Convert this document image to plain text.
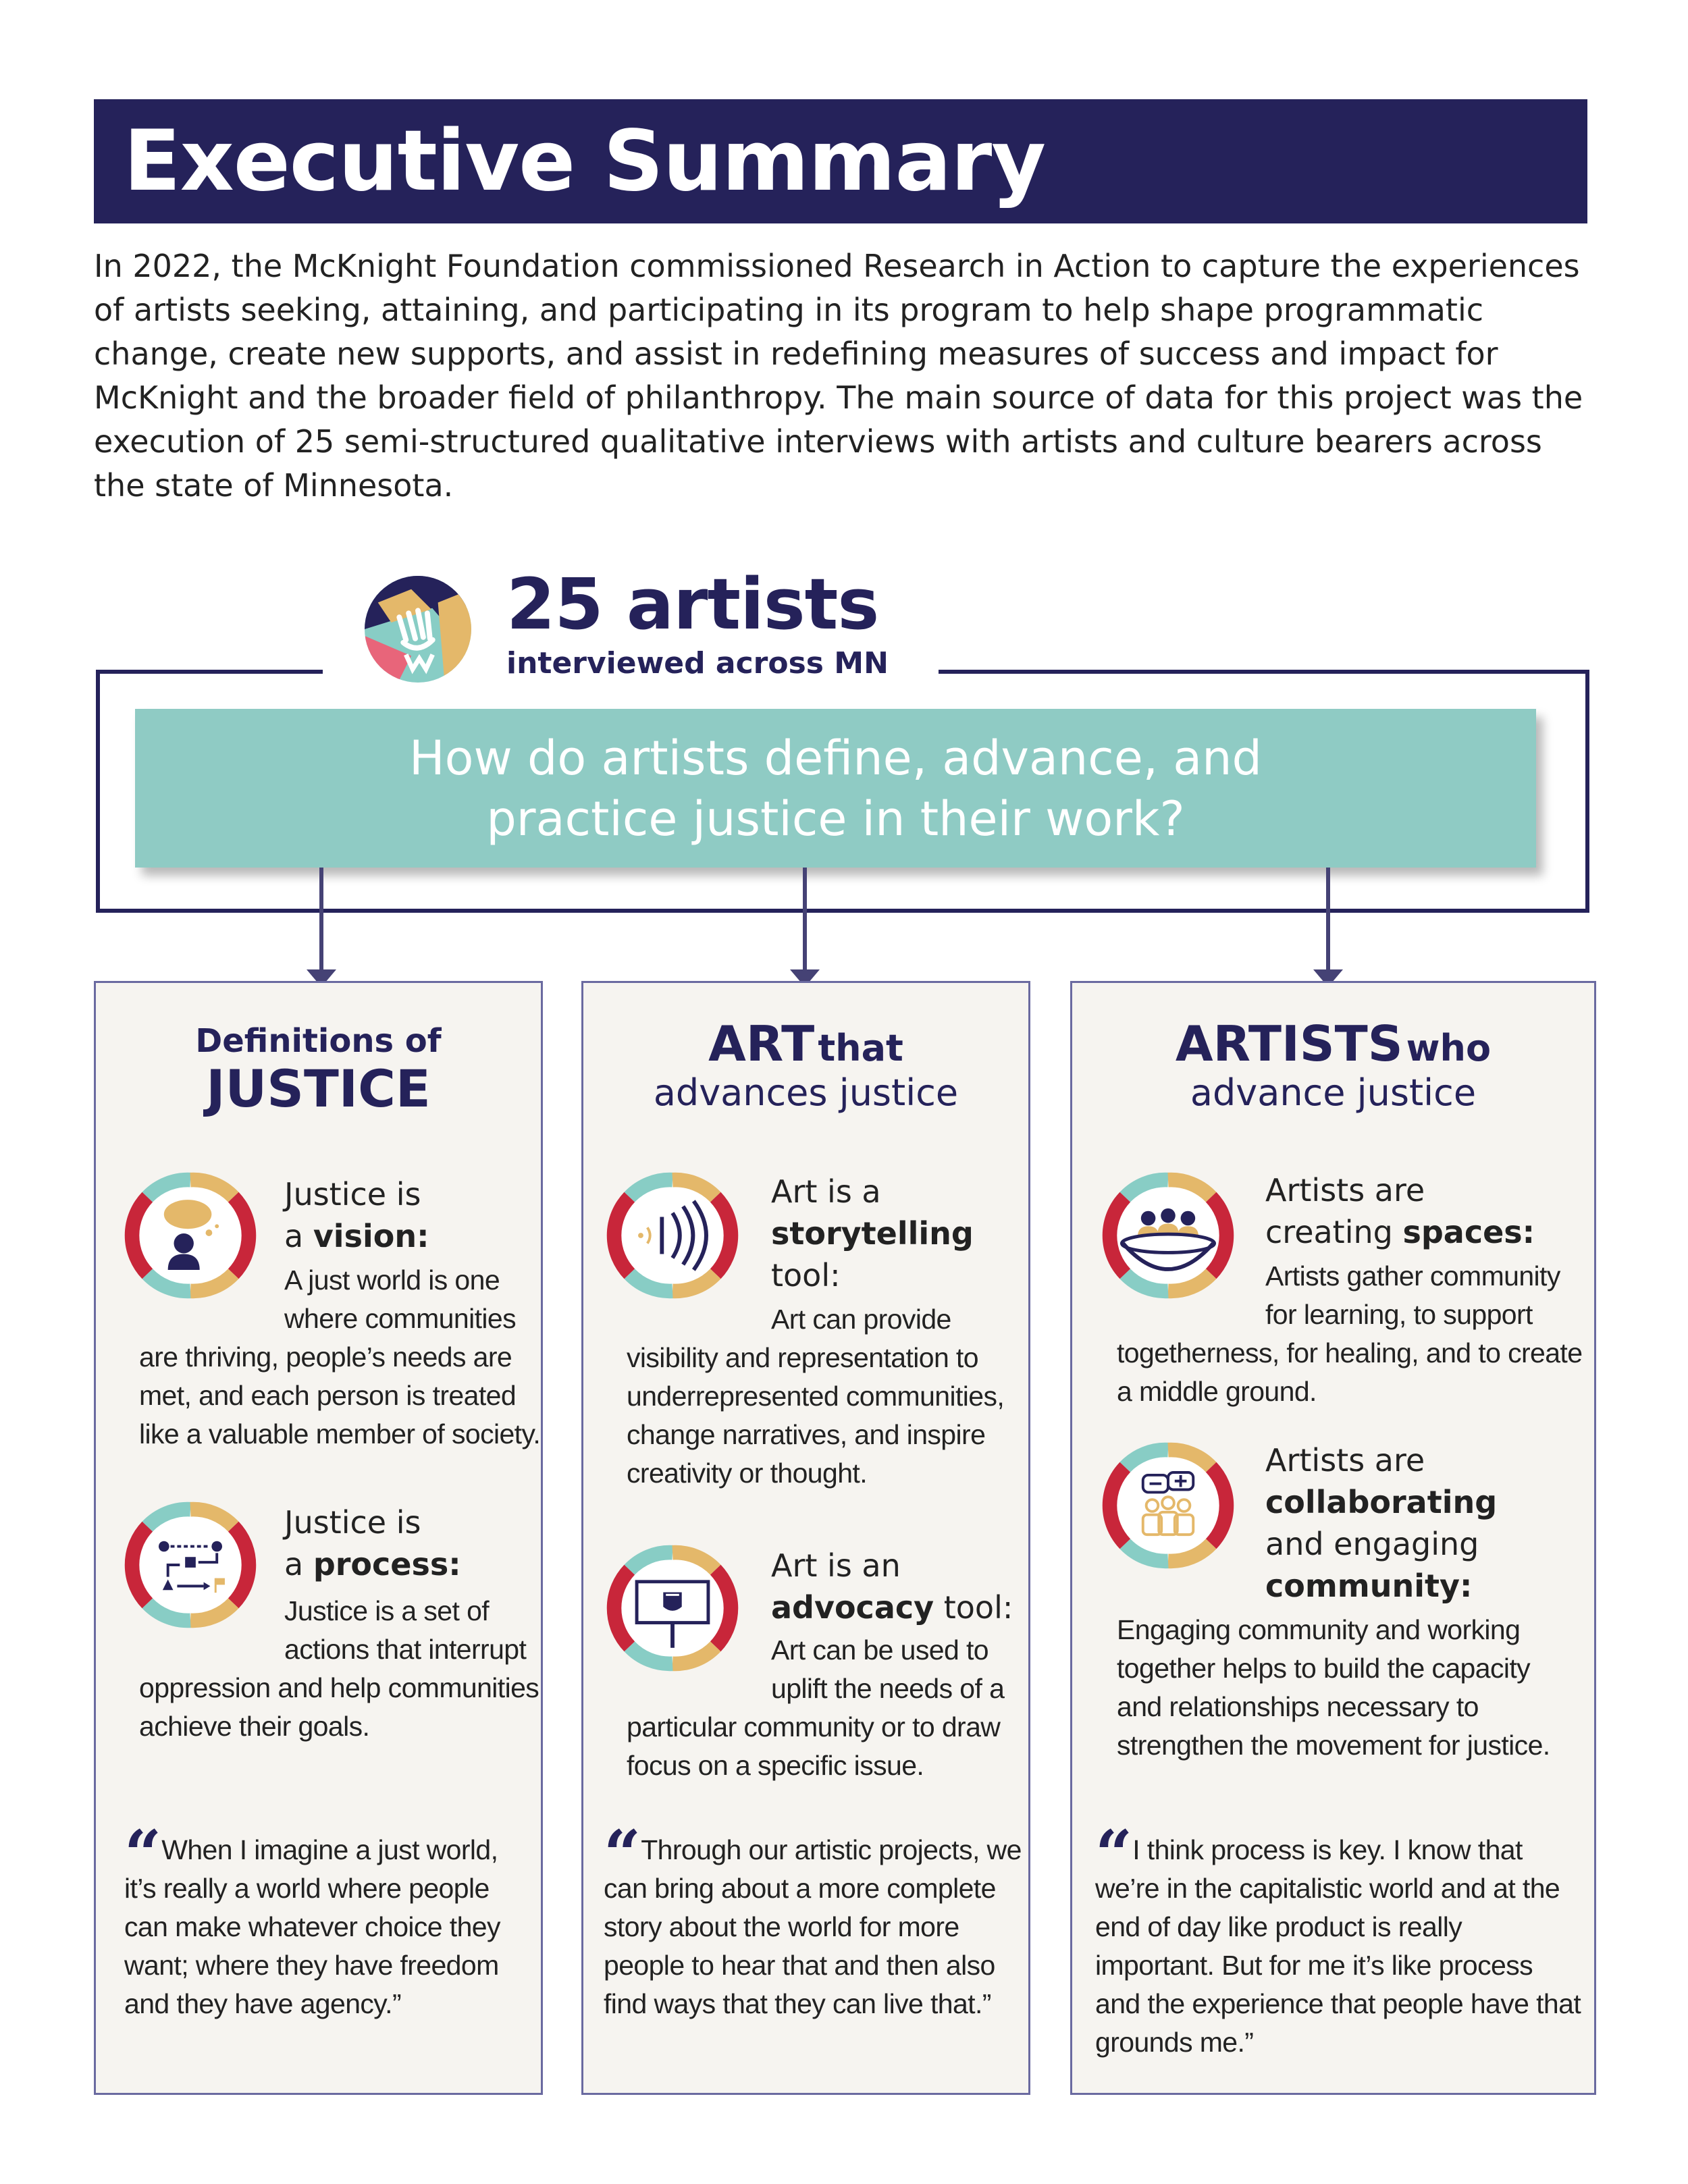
Executive Summary

In 2022, the McKnight Foundation commissioned Research in Action to capture the experiences of artists seeking, attaining, and participating in its program to help shape programmatic change, create new supports, and assist in redefining measures of success and impact for McKnight and the broader field of philanthropy. The main source of data for this project was the execution of 25 semi-structured qualitative interviews with artists and culture bearers across the state of Minnesota.

25 artists
interviewed across MN
How do artists define, advance, and practice justice in their work?
Definitions of
JUSTICE
Justice is
a vision:
A just world is one
where communities
are thriving, people’s needs are
met, and each person is treated
like a valuable member of society.
Justice is
a process:
Justice is a set of
actions that interrupt
oppression and help communities
achieve their goals.
“ When I imagine a just world, it’s really a world where people can make whatever choice they want; where they have freedom and they have agency.”
ART that
advances justice
Art is a
storytelling
tool:
Art can provide
visibility and representation to
underrepresented communities,
change narratives, and inspire
creativity or thought.
Art is an
advocacy tool:
Art can be used to
uplift the needs of a
particular community or to draw
focus on a specific issue.
“ Through our artistic projects, we can bring about a more complete story about the world for more people to hear that and then also find ways that they can live that.”
ARTISTS who
advance justice
Artists are
creating spaces:
Artists gather community
for learning, to support
togetherness, for healing, and to create
a middle ground.
Artists are
collaborating
and engaging
community:
Engaging community and working
together helps to build the capacity
and relationships necessary to
strengthen the movement for justice.
“ I think process is key. I know that we’re in the capitalistic world and at the end of day like product is really important. But for me it’s like process and the experience that people have that grounds me.”
